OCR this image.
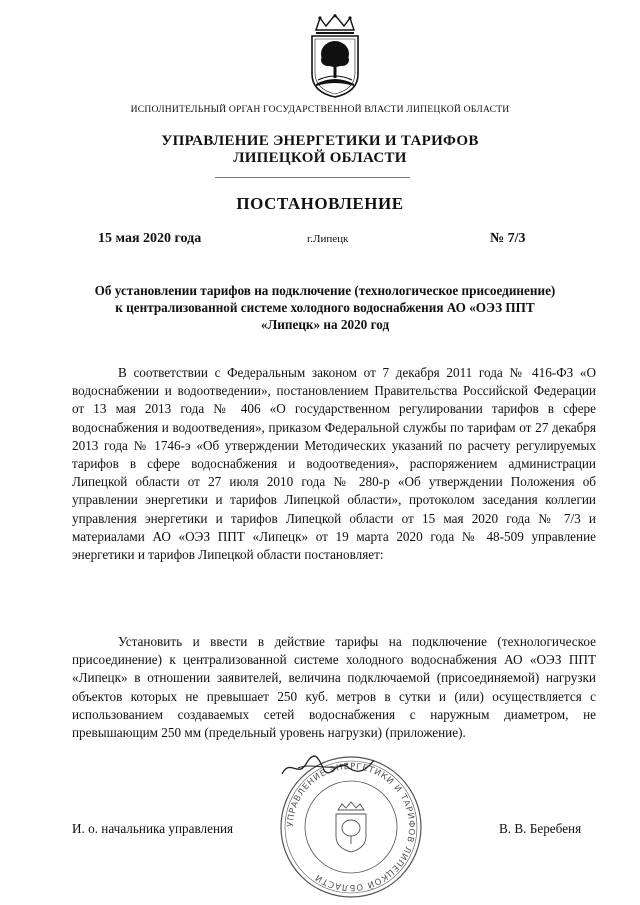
ИСПОЛНИТЕЛЬНЫЙ ОРГАН ГОСУДАРСТВЕННОЙ ВЛАСТИ ЛИПЕЦКОЙ ОБЛАСТИ
УПРАВЛЕНИЕ ЭНЕРГЕТИКИ И ТАРИФОВ
ЛИПЕЦКОЙ ОБЛАСТИ
ПОСТАНОВЛЕНИЕ
15 мая 2020 года	г.Липецк	№ 7/3
Об установлении тарифов на подключение (технологическое присоединение) к централизованной системе холодного водоснабжения АО «ОЭЗ ППТ «Липецк» на 2020 год
В соответствии с Федеральным законом от 7 декабря 2011 года № 416-ФЗ «О водоснабжении и водоотведении», постановлением Правительства Российской Федерации от 13 мая 2013 года № 406 «О государственном регулировании тарифов в сфере водоснабжения и водоотведения», приказом Федеральной службы по тарифам от 27 декабря 2013 года № 1746-э «Об утверждении Методических указаний по расчету регулируемых тарифов в сфере водоснабжения и водоотведения», распоряжением администрации Липецкой области от 27 июля 2010 года № 280-р «Об утверждении Положения об управлении энергетики и тарифов Липецкой области», протоколом заседания коллегии управления энергетики и тарифов Липецкой области от 15 мая 2020 года № 7/3 и материалами АО «ОЭЗ ППТ «Липецк» от 19 марта 2020 года № 48-509 управление энергетики и тарифов Липецкой области постановляет:
Установить и ввести в действие тарифы на подключение (технологическое присоединение) к централизованной системе холодного водоснабжения АО «ОЭЗ ППТ «Липецк» в отношении заявителей, величина подключаемой (присоединяемой) нагрузки объектов которых не превышает 250 куб. метров в сутки и (или) осуществляется с использованием создаваемых сетей водоснабжения с наружным диаметром, не превышающим 250 мм (предельный уровень нагрузки) (приложение).
И. о. начальника управления	В. В. Беребеня
УПРАВЛЕНИЕ ЭНЕРГЕТИКИ И ТАРИФОВ ЛИПЕЦКОЙ ОБЛАСТИ
